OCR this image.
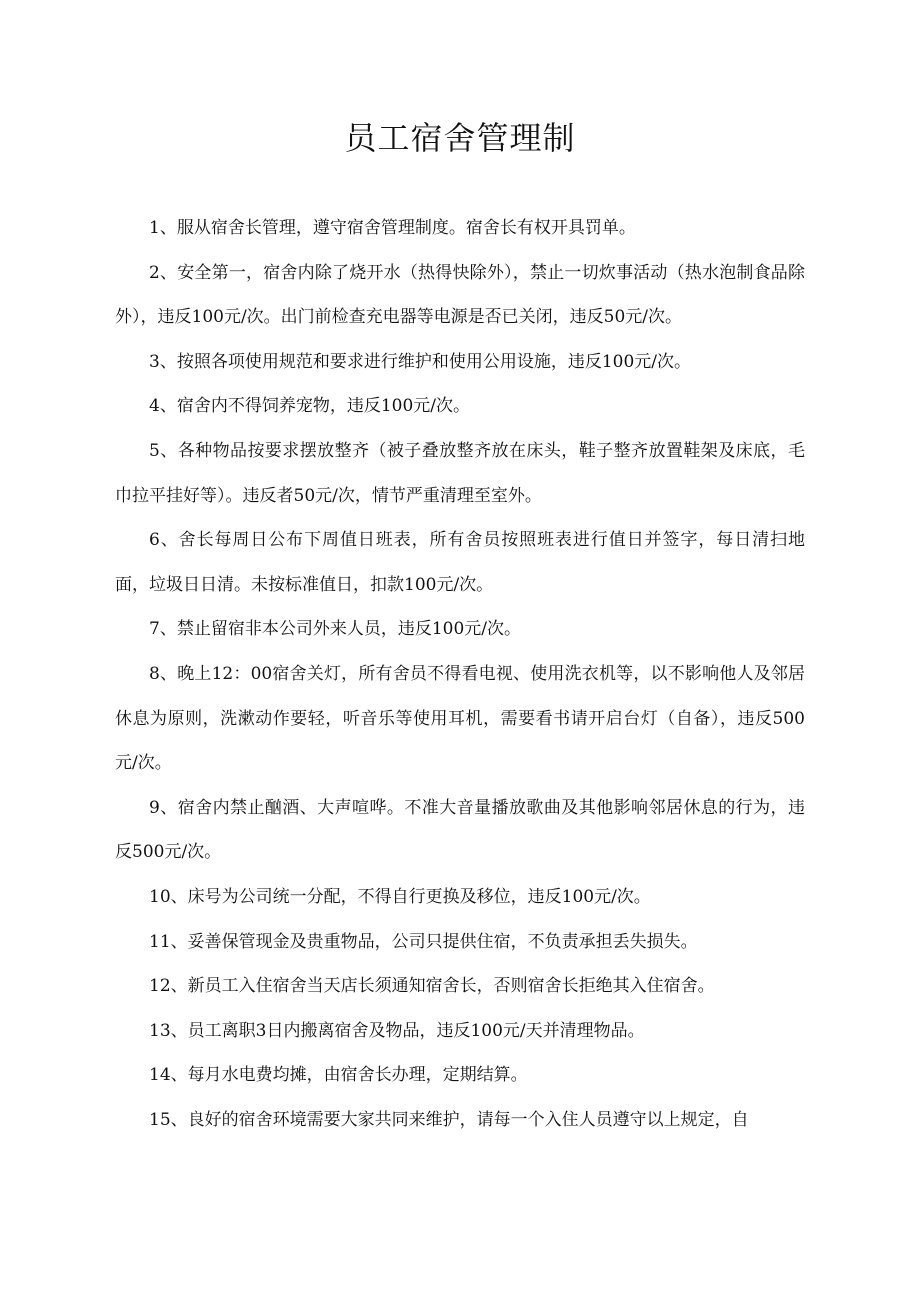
员工宿舍管理制
1、服从宿舍长管理，遵守宿舍管理制度。宿舍长有权开具罚单。
2、安全第一，宿舍内除了烧开水（热得快除外），禁止一切炊事活动（热水泡制食品除外），违反100元/次。出门前检查充电器等电源是否已关闭，违反50元/次。
3、按照各项使用规范和要求进行维护和使用公用设施，违反100元/次。
4、宿舍内不得饲养宠物，违反100元/次。
5、各种物品按要求摆放整齐（被子叠放整齐放在床头，鞋子整齐放置鞋架及床底，毛巾拉平挂好等）。违反者50元/次，情节严重清理至室外。
6、舍长每周日公布下周值日班表，所有舍员按照班表进行值日并签字，每日清扫地面，垃圾日日清。未按标准值日，扣款100元/次。
7、禁止留宿非本公司外来人员，违反100元/次。
8、晚上12：00宿舍关灯，所有舍员不得看电视、使用洗衣机等，以不影响他人及邻居休息为原则，洗漱动作要轻，听音乐等使用耳机，需要看书请开启台灯（自备），违反500元/次。
9、宿舍内禁止酗酒、大声喧哗。不准大音量播放歌曲及其他影响邻居休息的行为，违反500元/次。
10、床号为公司统一分配，不得自行更换及移位，违反100元/次。
11、妥善保管现金及贵重物品，公司只提供住宿，不负责承担丢失损失。
12、新员工入住宿舍当天店长须通知宿舍长，否则宿舍长拒绝其入住宿舍。
13、员工离职3日内搬离宿舍及物品，违反100元/天并清理物品。
14、每月水电费均摊，由宿舍长办理，定期结算。
15、良好的宿舍环境需要大家共同来维护，请每一个入住人员遵守以上规定，自
